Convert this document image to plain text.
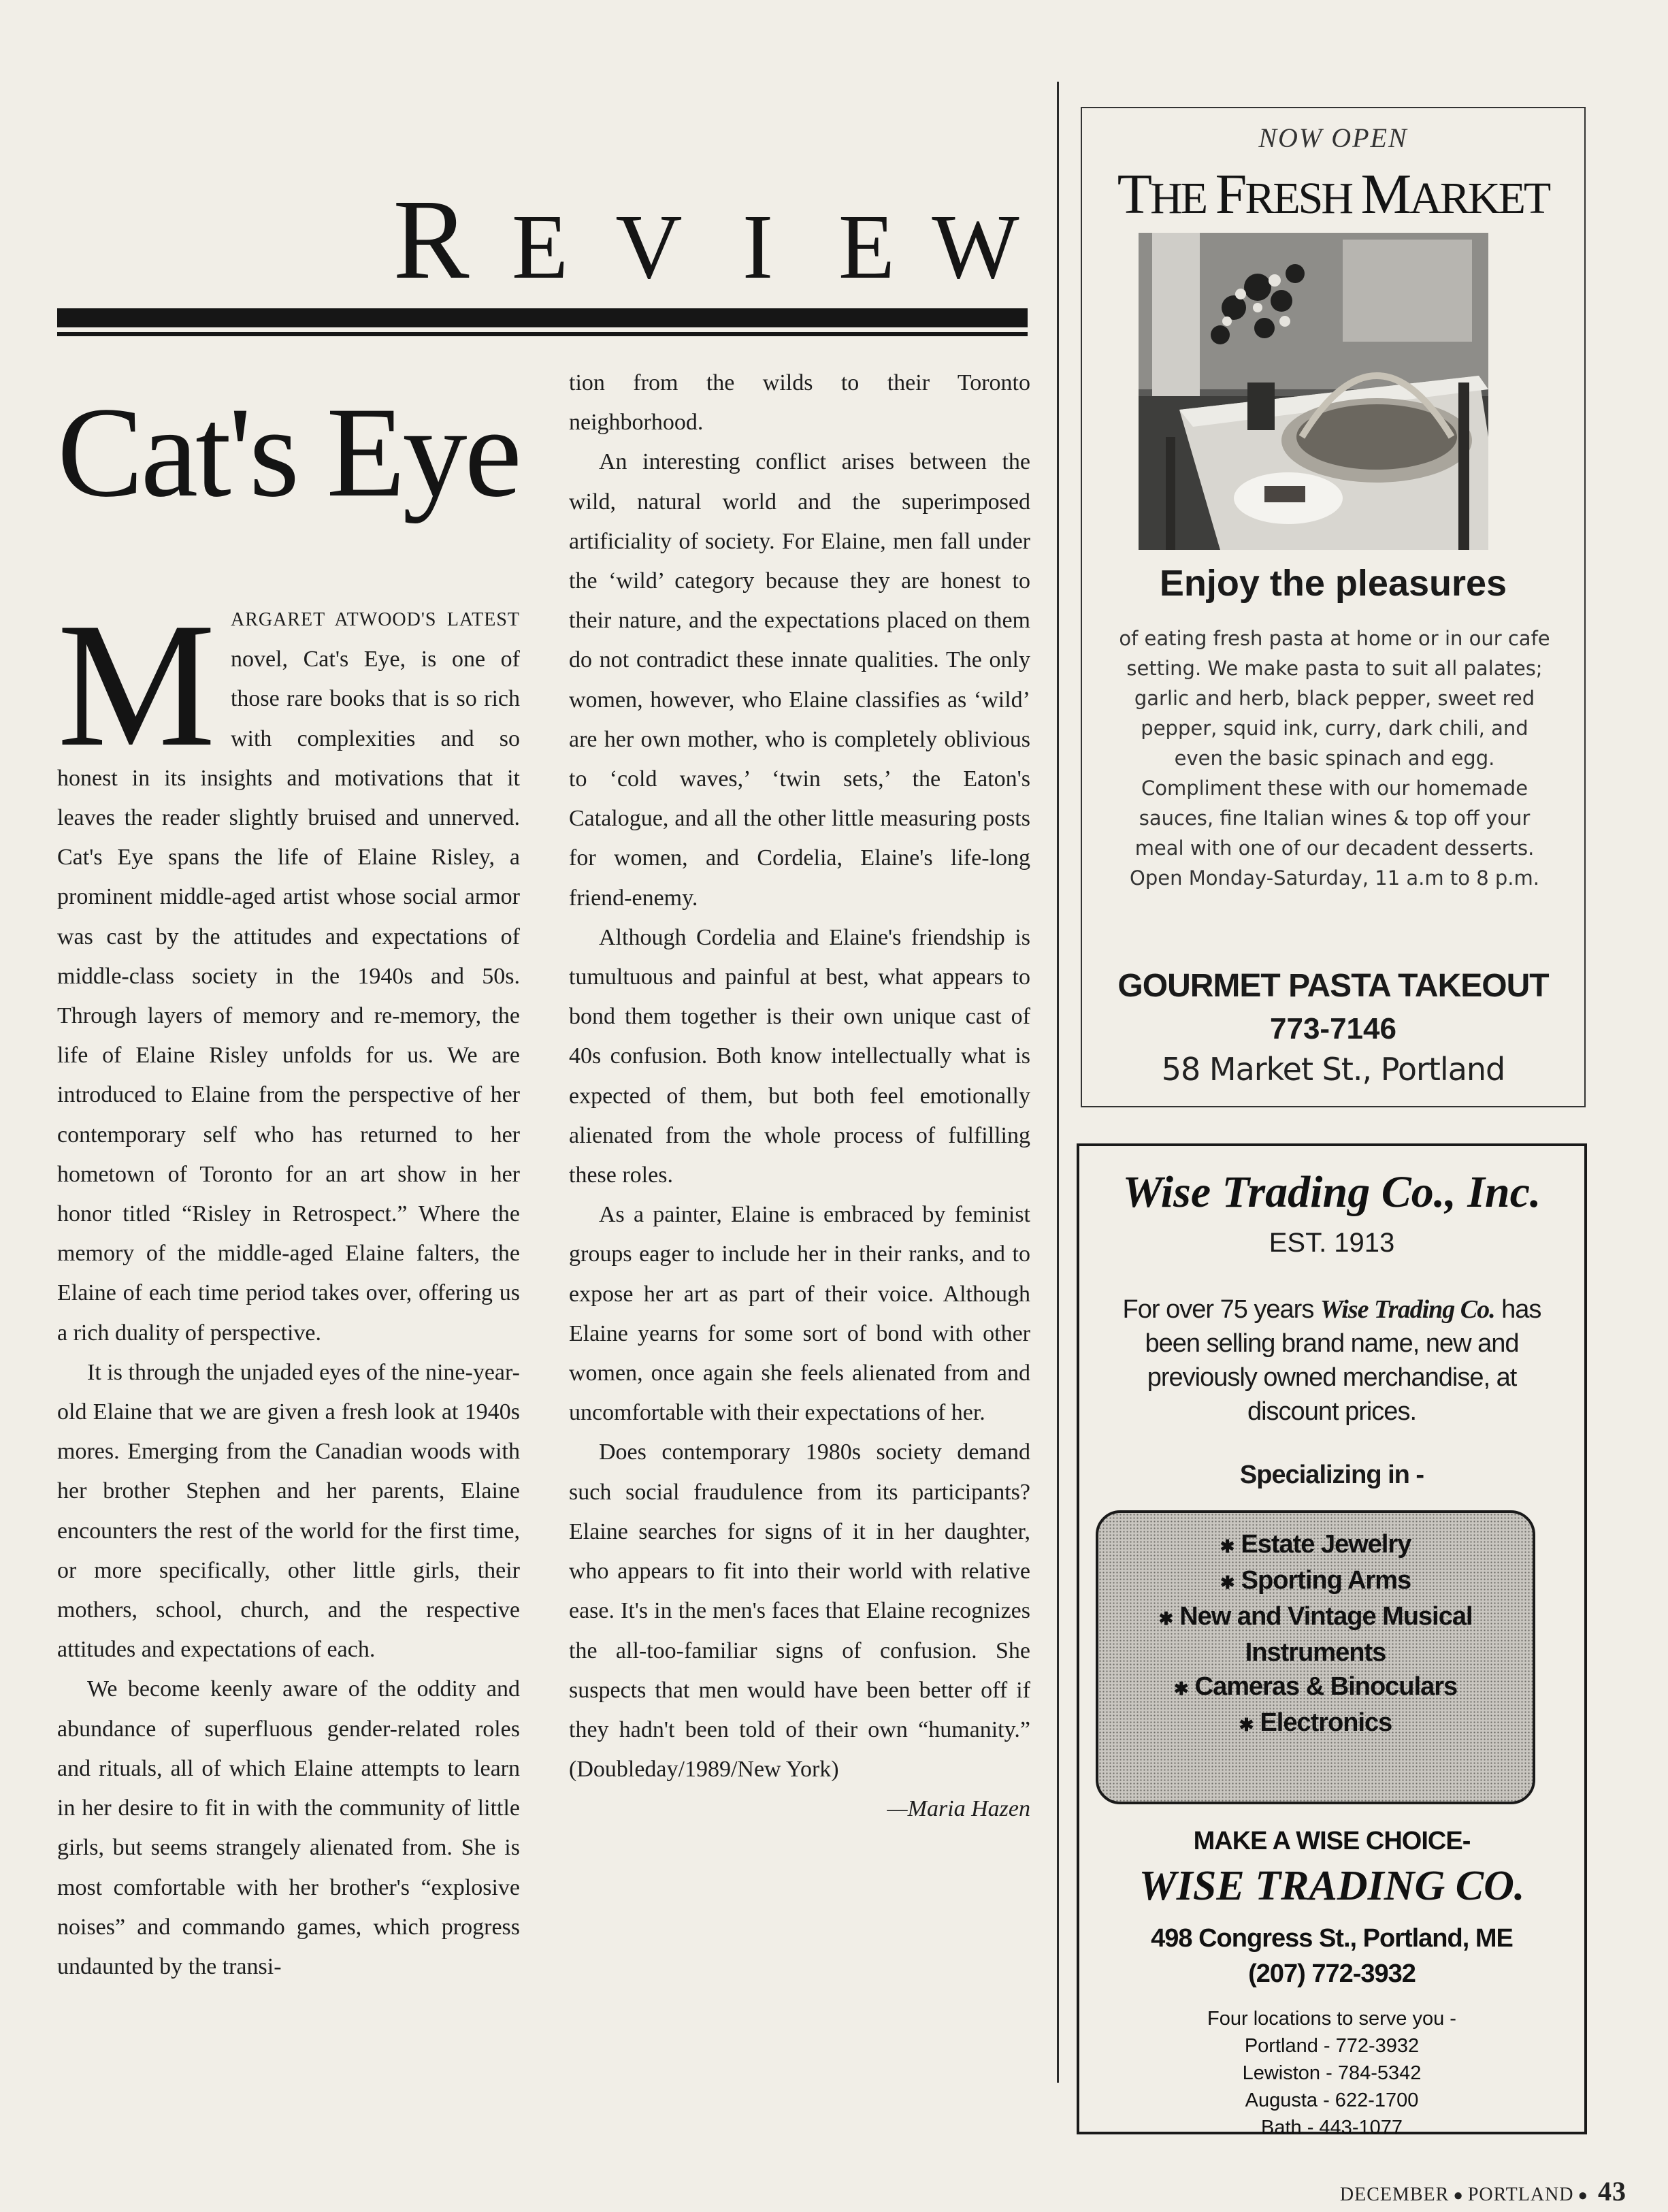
R E V I E W
Cat's Eye

MARGARET ATWOOD'S LATEST novel, Cat's Eye, is one of those rare books that is so rich with complexities and so honest in its insights and motivations that it leaves the reader slightly bruised and unnerved. Cat's Eye spans the life of Elaine Risley, a prominent middle-aged artist whose social armor was cast by the attitudes and expectations of middle-class society in the 1940s and 50s. Through layers of memory and re-memory, the life of Elaine Risley unfolds for us. We are introduced to Elaine from the perspective of her contemporary self who has returned to her hometown of Toronto for an art show in her honor titled “Risley in Retrospect.” Where the memory of the middle-aged Elaine falters, the Elaine of each time period takes over, offering us a rich duality of perspective.

It is through the unjaded eyes of the nine-year-old Elaine that we are given a fresh look at 1940s mores. Emerging from the Canadian woods with her brother Stephen and her parents, Elaine encounters the rest of the world for the first time, or more specifically, other little girls, their mothers, school, church, and the respective attitudes and expectations of each.

We become keenly aware of the oddity and abundance of superfluous gender-related roles and rituals, all of which Elaine attempts to learn in her desire to fit in with the community of little girls, but seems strangely alienated from. She is most comfortable with her brother's “explosive noises” and commando games, which progress undaunted by the transi-

tion from the wilds to their Toronto neighborhood.

An interesting conflict arises between the wild, natural world and the superimposed artificiality of society. For Elaine, men fall under the ‘wild’ category because they are honest to their nature, and the expectations placed on them do not contradict these innate qualities. The only women, however, who Elaine classifies as ‘wild’ are her own mother, who is completely oblivious to ‘cold waves,’ ‘twin sets,’ the Eaton's Catalogue, and all the other little measuring posts for women, and Cordelia, Elaine's life-long friend-enemy.

Although Cordelia and Elaine's friendship is tumultuous and painful at best, what appears to bond them together is their own unique cast of 40s confusion. Both know intellectually what is expected of them, but both feel emotionally alienated from the whole process of fulfilling these roles.

As a painter, Elaine is embraced by feminist groups eager to include her in their ranks, and to expose her art as part of their voice. Although Elaine yearns for some sort of bond with other women, once again she feels alienated from and uncomfortable with their expectations of her.

Does contemporary 1980s society demand such social fraudulence from its participants? Elaine searches for signs of it in her daughter, who appears to fit into their world with relative ease. It's in the men's faces that Elaine recognizes the all-too-familiar signs of confusion. She suspects that men would have been better off if they hadn't been told of their own “humanity.” (Doubleday/1989/New York)

—Maria Hazen

NOW OPEN
THE FRESH MARKET
Enjoy the pleasures
of eating fresh pasta at home or in our cafe setting. We make pasta to suit all palates; garlic and herb, black pepper, sweet red pepper, squid ink, curry, dark chili, and even the basic spinach and egg. Compliment these with our homemade sauces, fine Italian wines & top off your meal with one of our decadent desserts. Open Monday-Saturday, 11 a.m to 8 p.m.
GOURMET PASTA TAKEOUT
773-7146
58 Market St., Portland
Wise Trading Co., Inc.
EST. 1913
For over 75 years Wise Trading Co. has been selling brand name, new and previously owned merchandise, at discount prices.
Specializing in -
✱ Estate Jewelry
✱ Sporting Arms
✱ New and Vintage Musical Instruments
✱ Cameras & Binoculars
✱ Electronics
MAKE A WISE CHOICE-
WISE TRADING CO.
498 Congress St., Portland, ME
(207) 772-3932
Four locations to serve you -
Portland - 772-3932
Lewiston - 784-5342
Augusta - 622-1700
Bath - 443-1077
DECEMBER ● PORTLAND ● 43
